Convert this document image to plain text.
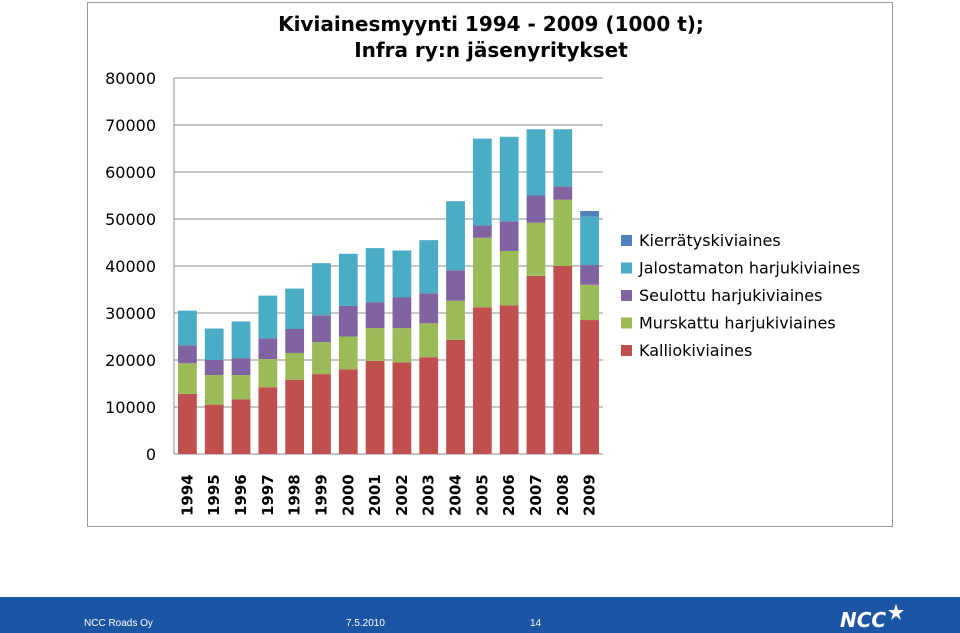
Kiviainesmyynti 1994 - 2009 (1000 t);
Infra ry:n jäsenyritykset
0
10000
20000
30000
40000
50000
60000
70000
80000
1994 1995 1996 1997 1998 1999 2000 2001 2002 2003 2004 2005 2006 2007 2008 2009
Kierrätyskiviaines
Jalostamaton harjukiviaines
Seulottu harjukiviaines
Murskattu harjukiviaines
Kalliokiviaines
NCC Roads Oy	7.5.2010	14	NCC
